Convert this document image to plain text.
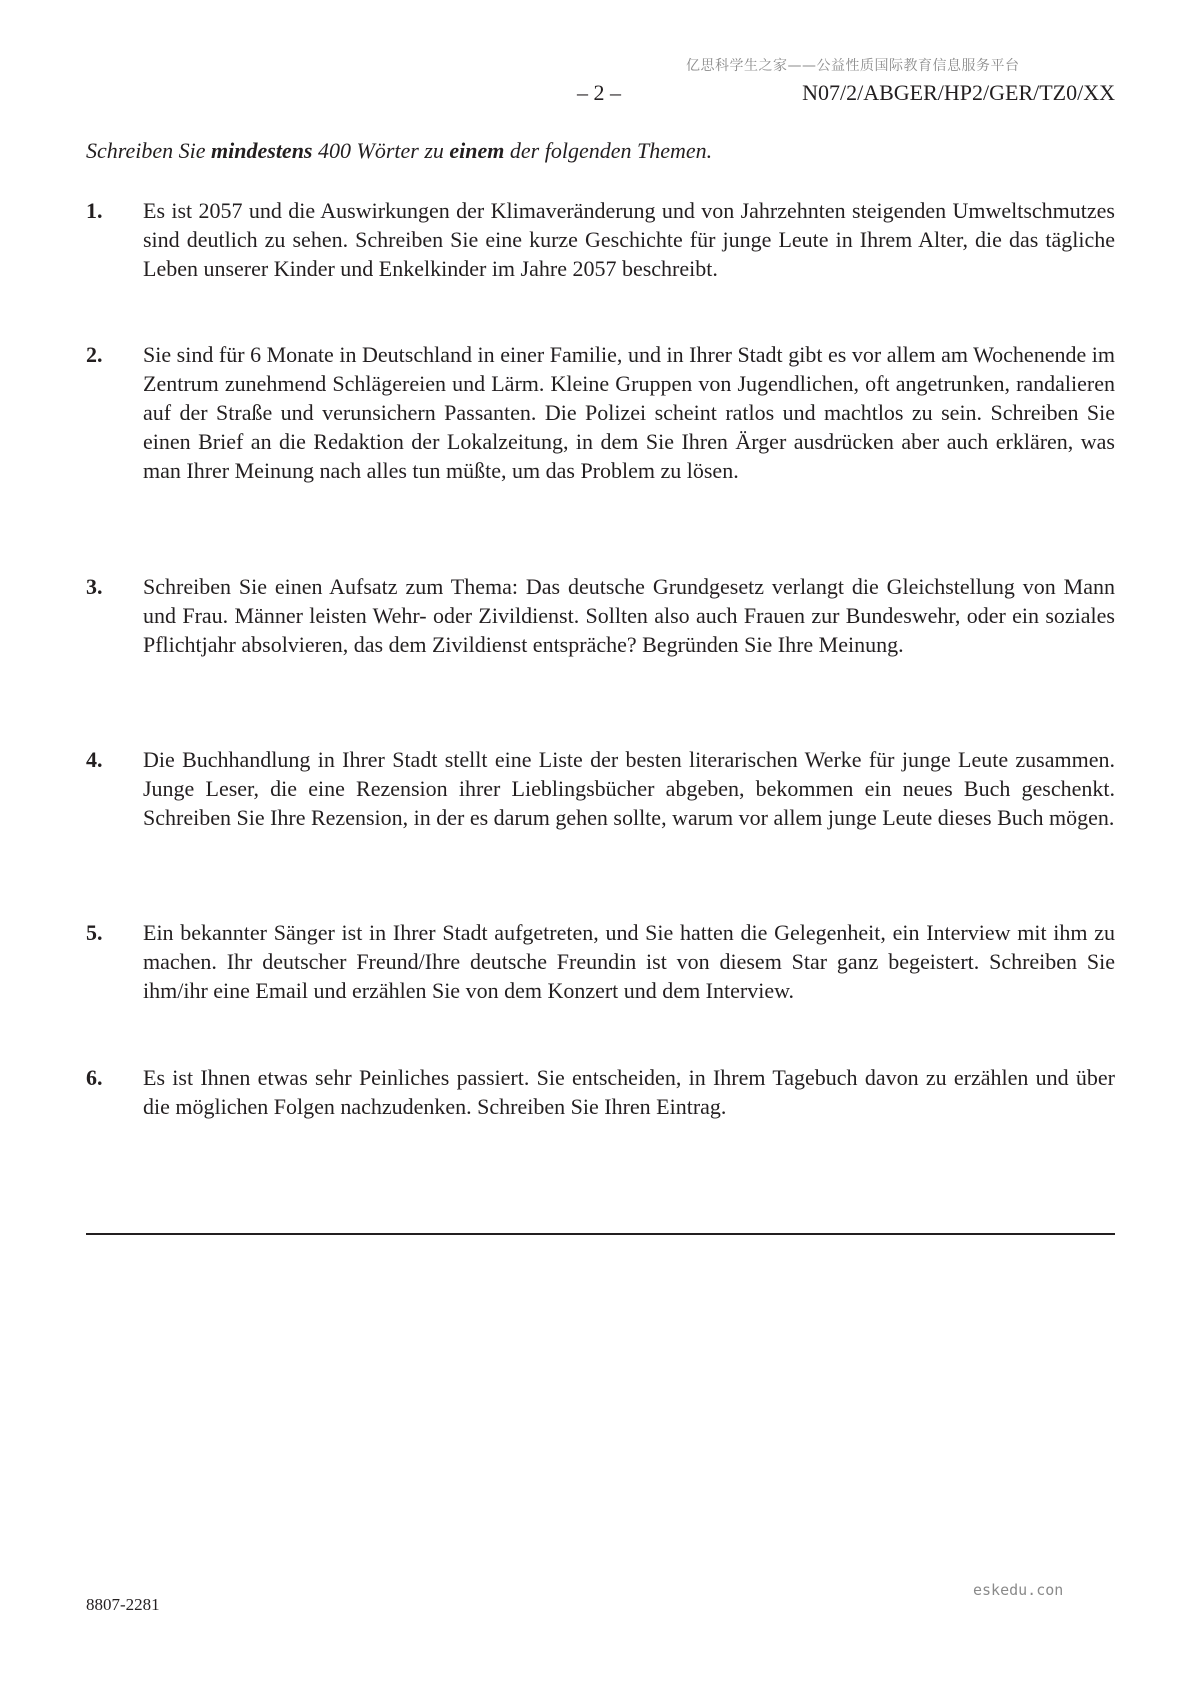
亿思科学生之家——公益性质国际教育信息服务平台
– 2 –	N07/2/ABGER/HP2/GER/TZ0/XX
Schreiben Sie mindestens 400 Wörter zu einem der folgenden Themen.
1. Es ist 2057 und die Auswirkungen der Klimaveränderung und von Jahrzehnten steigenden Umweltschmutzes sind deutlich zu sehen. Schreiben Sie eine kurze Geschichte für junge Leute in Ihrem Alter, die das tägliche Leben unserer Kinder und Enkelkinder im Jahre 2057 beschreibt.
2. Sie sind für 6 Monate in Deutschland in einer Familie, und in Ihrer Stadt gibt es vor allem am Wochenende im Zentrum zunehmend Schlägereien und Lärm. Kleine Gruppen von Jugendlichen, oft angetrunken, randalieren auf der Straße und verunsichern Passanten. Die Polizei scheint ratlos und machtlos zu sein. Schreiben Sie einen Brief an die Redaktion der Lokalzeitung, in dem Sie Ihren Ärger ausdrücken aber auch erklären, was man Ihrer Meinung nach alles tun müßte, um das Problem zu lösen.
3. Schreiben Sie einen Aufsatz zum Thema: Das deutsche Grundgesetz verlangt die Gleichstellung von Mann und Frau. Männer leisten Wehr- oder Zivildienst. Sollten also auch Frauen zur Bundeswehr, oder ein soziales Pflichtjahr absolvieren, das dem Zivildienst entspräche? Begründen Sie Ihre Meinung.
4. Die Buchhandlung in Ihrer Stadt stellt eine Liste der besten literarischen Werke für junge Leute zusammen. Junge Leser, die eine Rezension ihrer Lieblingsbücher abgeben, bekommen ein neues Buch geschenkt. Schreiben Sie Ihre Rezension, in der es darum gehen sollte, warum vor allem junge Leute dieses Buch mögen.
5. Ein bekannter Sänger ist in Ihrer Stadt aufgetreten, und Sie hatten die Gelegenheit, ein Interview mit ihm zu machen. Ihr deutscher Freund/Ihre deutsche Freundin ist von diesem Star ganz begeistert. Schreiben Sie ihm/ihr eine Email und erzählen Sie von dem Konzert und dem Interview.
6. Es ist Ihnen etwas sehr Peinliches passiert. Sie entscheiden, in Ihrem Tagebuch davon zu erzählen und über die möglichen Folgen nachzudenken. Schreiben Sie Ihren Eintrag.
eskedu.con
8807-2281
